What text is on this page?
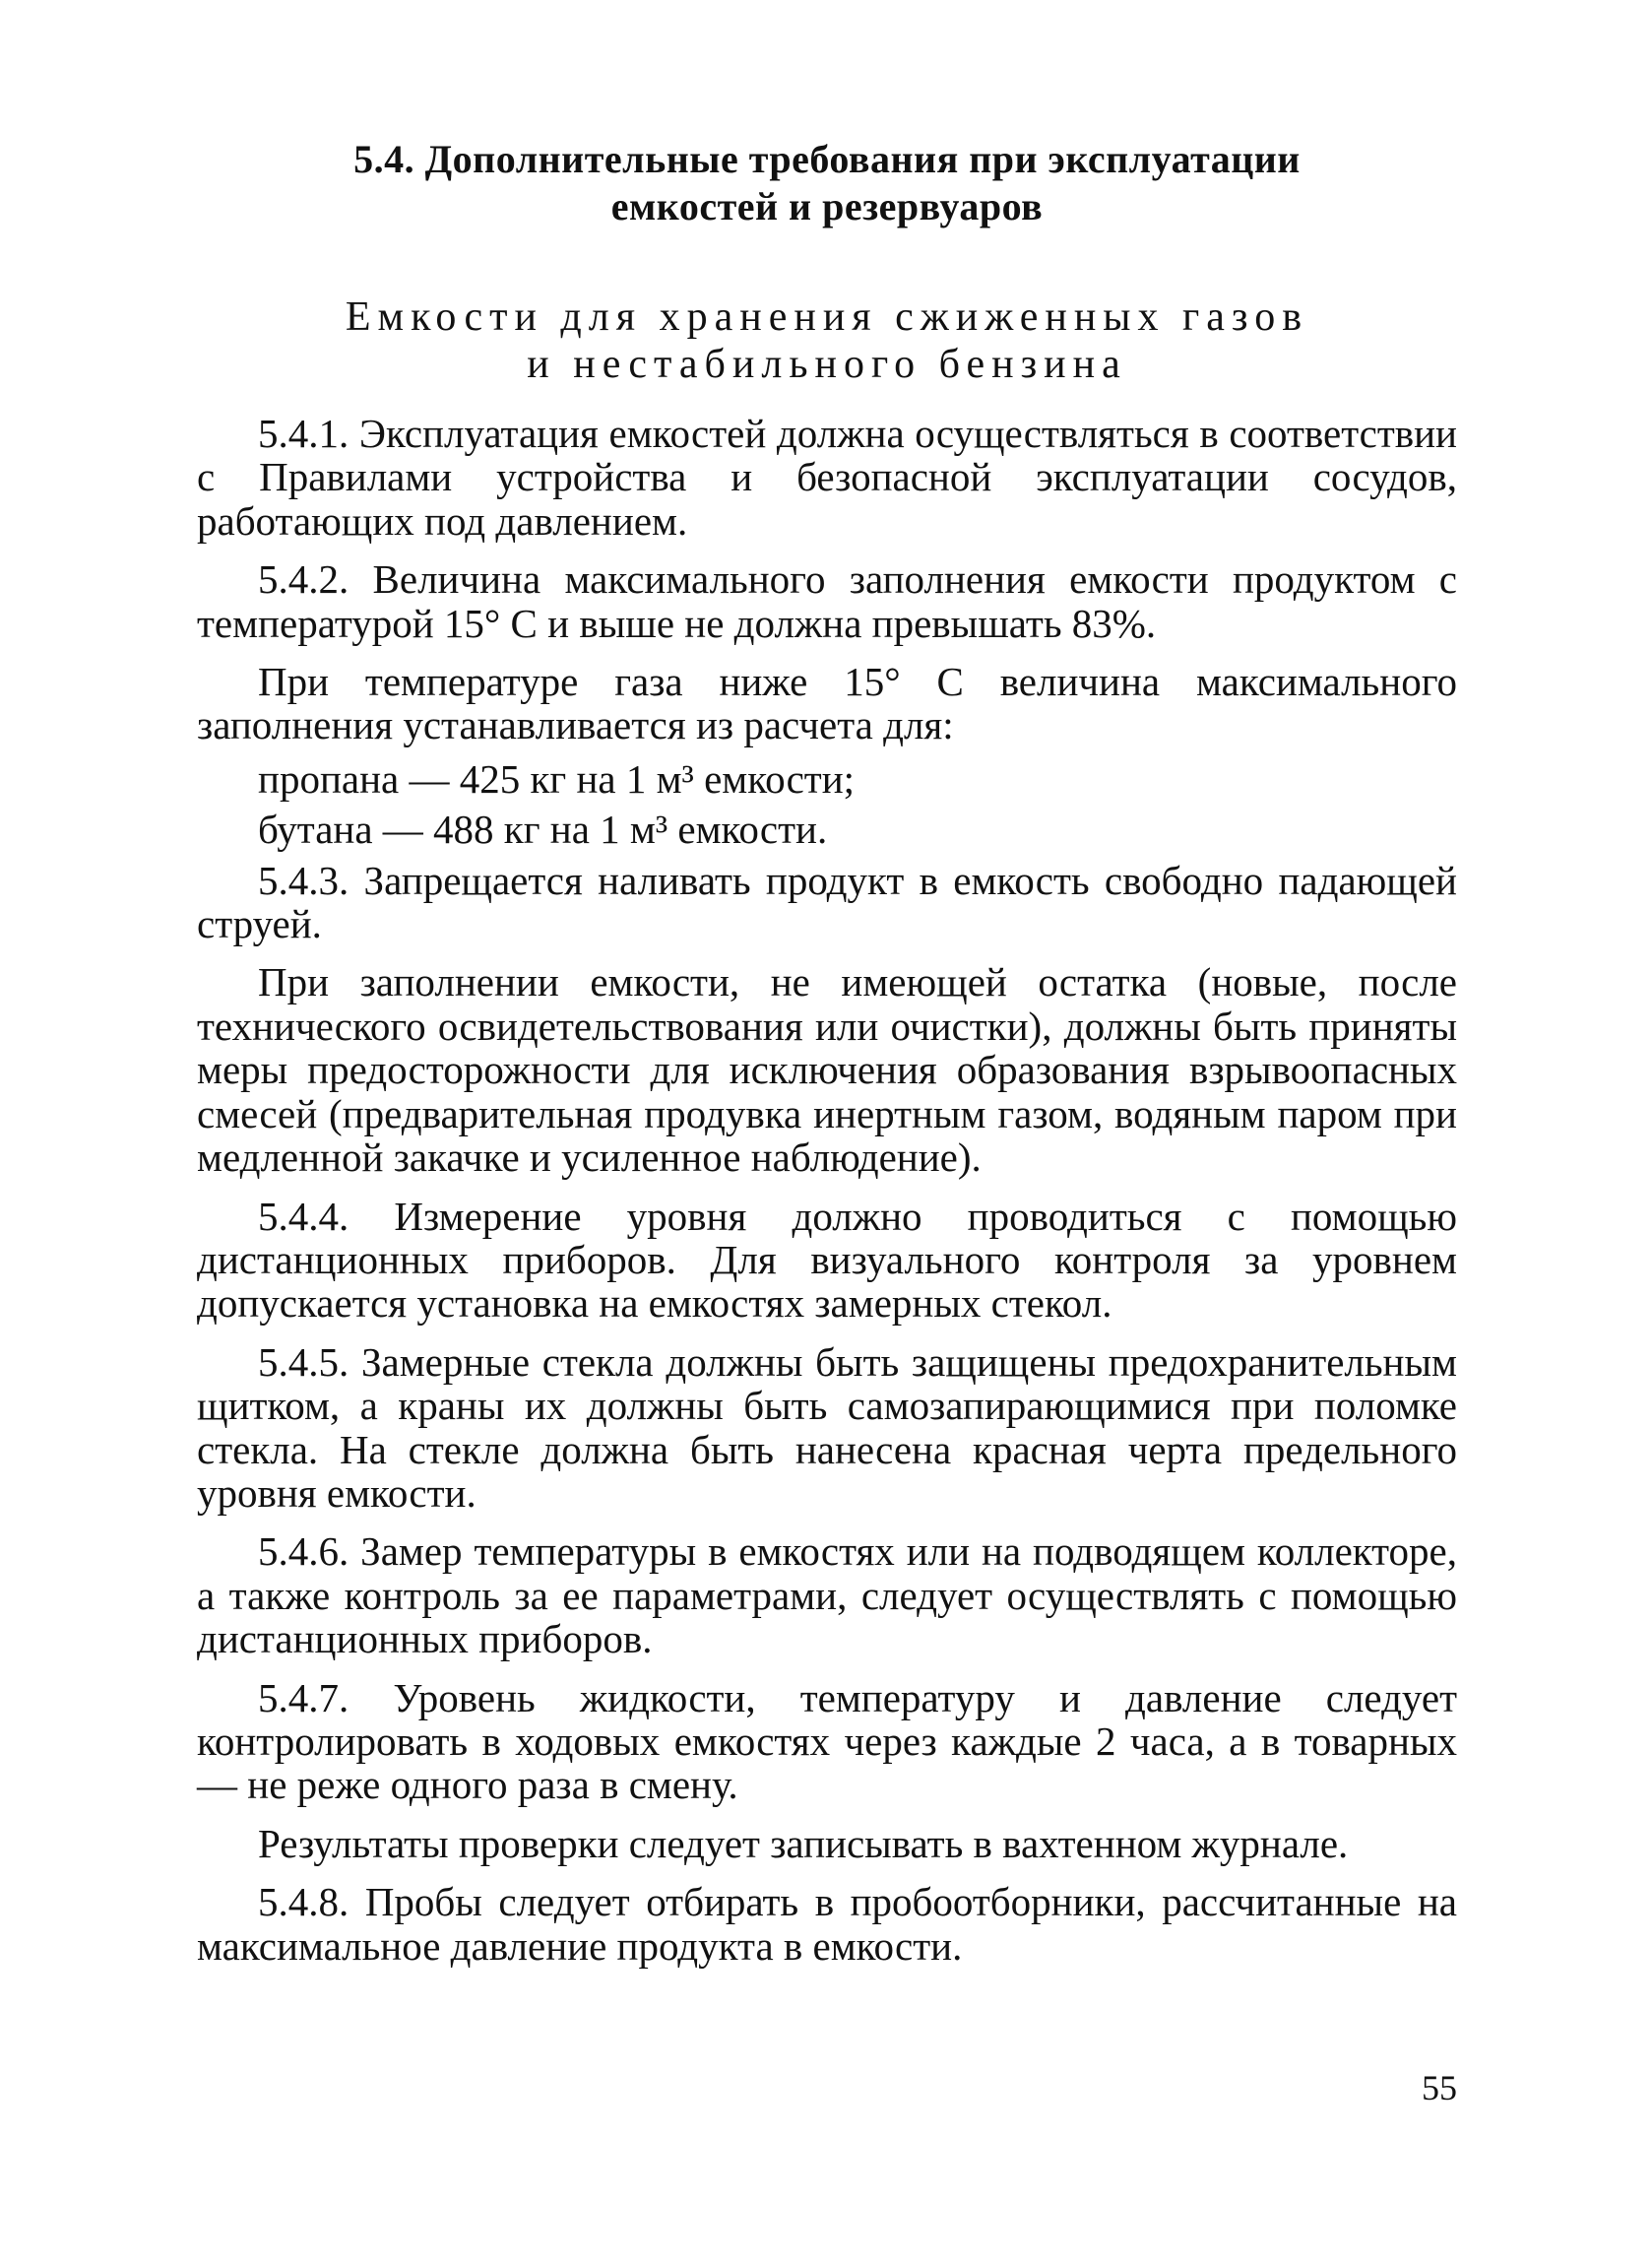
5.4. Дополнительные требования при эксплуатации
емкостей и резервуаров
Емкости для хранения сжиженных газов
и нестабильного бензина

5.4.1. Эксплуатация емкостей должна осуществляться в соответствии с Правилами устройства и безопасной эксплуатации сосудов, работающих под давлением.

5.4.2. Величина максимального заполнения емкости продуктом с температурой 15° С и выше не должна превышать 83%.

При температуре газа ниже 15° С величина максимального заполнения устанавливается из расчета для:

пропана — 425 кг на 1 м³ емкости;

бутана — 488 кг на 1 м³ емкости.

5.4.3. Запрещается наливать продукт в емкость свободно падающей струей.

При заполнении емкости, не имеющей остатка (новые, после технического освидетельствования или очистки), должны быть приняты меры предосторожности для исключения образования взрывоопасных смесей (предварительная продувка инертным газом, водяным паром при медленной закачке и усиленное наблюдение).

5.4.4. Измерение уровня должно проводиться с помощью дистанционных приборов. Для визуального контроля за уровнем допускается установка на емкостях замерных стекол.

5.4.5. Замерные стекла должны быть защищены предохранительным щитком, а краны их должны быть самозапирающимися при поломке стекла. На стекле должна быть нанесена красная черта предельного уровня емкости.

5.4.6. Замер температуры в емкостях или на подводящем коллекторе, а также контроль за ее параметрами, следует осуществлять с помощью дистанционных приборов.

5.4.7. Уровень жидкости, температуру и давление следует контролировать в ходовых емкостях через каждые 2 часа, а в товарных — не реже одного раза в смену.

Результаты проверки следует записывать в вахтенном журнале.

5.4.8. Пробы следует отбирать в пробоотборники, рассчитанные на максимальное давление продукта в емкости.

55
